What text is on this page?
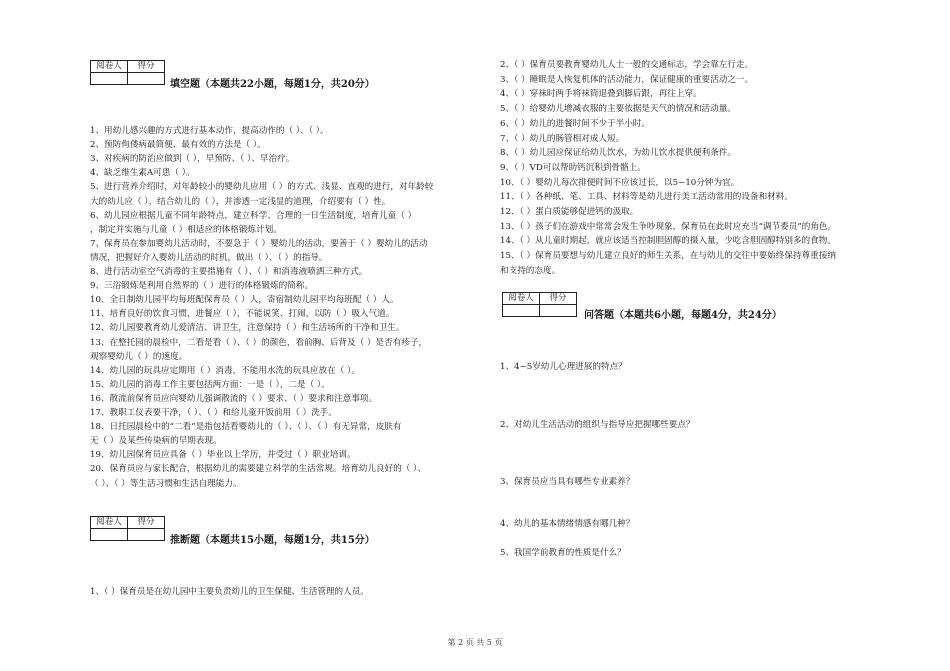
阅卷人	得分

填空题（本题共22小题，每题1分，共20分）
1、用幼儿感兴趣的方式进行基本动作，提高动作的（ ）、（ ）。
2、预防佝偻病最简便、最有效的方法是（ ）。
3、对疾病的防治应做到（ ），早预防、（ ）、早治疗。
4、缺乏维生素A可患（ ）。
5、进行营养介绍时，对年龄较小的婴幼儿应用（ ）的方式、浅显、直观的进行，对年龄较
大的幼儿应（ ），结合幼儿的（ ），并渗透一定浅显的道理，介绍要有（ ）性。
6、幼儿园应根据儿童不同年龄特点，建立科学、合理的一日生活制度，培育儿童（ ）
，制定并实施与儿童（ ）相适应的体格锻炼计划。
7、保育员在参加婴幼儿活动时，不要急于（ ）婴幼儿的活动，要善于（ ）婴幼儿的活动
情况，把握好介入婴幼儿活动的时机，做出（ ）、（ ）的指导。
8、进行活动室空气消毒的主要措施有（ ）、（ ）和消毒液喷洒三种方式。
9、三浴锻炼是利用自然界的（ ）进行的体格锻炼的简称。
10、全日制幼儿园平均每班配保育员（ ）人，寄宿制幼儿园平均每班配（ ）人。
11、培育良好的饮食习惯，进餐应（ ），不能说笑、打闹，以防（ ）吸入气道。
12、幼儿园要教育幼儿爱清洁、讲卫生，注意保持（ ）和生活场所的干净和卫生。
13、在整托园的晨检中，二看是看（ ）、（ ）的颜色，看前胸、后背及（ ）是否有疹子，
观察婴幼儿（ ）的速度。
14、幼儿园的玩具应定期用（ ）消毒，不能用水洗的玩具应放在（ ）。
15、幼儿园的消毒工作主要包括两方面：一是（ ），二是（ ）。
16、散流前保育员应向婴幼儿强调散流的（ ）要求、（ ）要求和注意事项。
17、教职工仪表要干净，（ ）、（ ）和给儿童开饭前用（ ）洗手。
18、日托园晨检中的“二看”是指包括看婴幼儿的（ ）、（ ）、（ ）有无异常，皮肤有
无（ ）及某些传染病的早期表现。
19、幼儿园保育员应具备（ ）毕业以上学历，并受过（ ）职业培训。
20、保育员应与家长配合，根据幼儿的需要建立科学的生活常规。培育幼儿良好的（ ）、
（ ）、（ ）等生活习惯和生活自理能力。
阅卷人	得分

推断题（本题共15小题，每题1分，共15分）
1、（ ）保育员是在幼儿园中主要负责幼儿的卫生保健、生活管理的人员。
2、（ ）保育员要教育婴幼儿人士一般的交通标志，学会靠左行走。
3、（ ）睡眠是人恢复机体的活动能力，保证健康的重要活动之一。
4、（ ）穿袜时两手将袜筒退叠到脚后跟，再往上穿。
5、（ ）给婴幼儿增减衣服的主要依据是天气的情况和活动量。
6、（ ）幼儿的进餐时间不少于半小时。
7、（ ）幼儿的肠管相对成人短。
8、（ ）幼儿园应保证给幼儿饮水，为幼儿饮水提供便利条件。
9、（ ）VD可以帮助钙沉积到骨骼上。
10、（ ）婴幼儿每次排便时间不应该过长，以5~10分钟为宜。
11、（ ）各种纸、笔、工具、材料等是幼儿进行美工活动常用的设备和材料。
12、（ ）蛋白质能够促进钙的汲取。
13、（ ）孩子们在游戏中常常会发生争吵现象，保育员在此时应充当“调节委员”的角色。
14、（ ）从儿童时期起，就应该适当控制胆固醇的摄入量，少吃含胆固醇特别多的食物。
15、（ ）保育员要想与幼儿建立良好的师生关系，在与幼儿的交往中要始终保持尊重接纳
和支持的态度。
阅卷人	得分

问答题（本题共6小题，每题4分，共24分）
1、4~5岁幼儿心理进展的特点？
2、对幼儿生活活动的组织与指导应把握哪些要点？
3、保育员应当具有哪些专业素养？
4、幼儿的基本情绪情感有哪几种？
5、我国学前教育的性质是什么？
第 2 页 共 5 页
